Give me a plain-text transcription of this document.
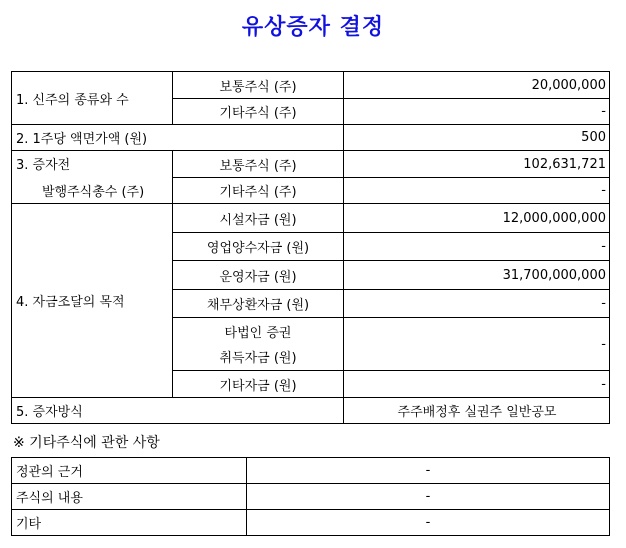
유상증자 결정
1. 신주의 종류와 수	보통주식 (주)	20,000,000
	기타주식 (주)	-
2. 1주당 액면가액 (원)		500

3. 증자전
발행주식총수 (주)	보통주식 (주)	102,631,721
	기타주식 (주)	-
4. 자금조달의 목적	시설자금 (원)	12,000,000,000
	영업양수자금 (원)	-
	운영자금 (원)	31,700,000,000
	채무상환자금 (원)	-

	타법인 증권
취득자금 (원)	-
	기타자금 (원)	-
5. 증자방식		주주배정후 실권주 일반공모
※ 기타주식에 관한 사항
정관의 근거	-
주식의 내용	-
기타	-
